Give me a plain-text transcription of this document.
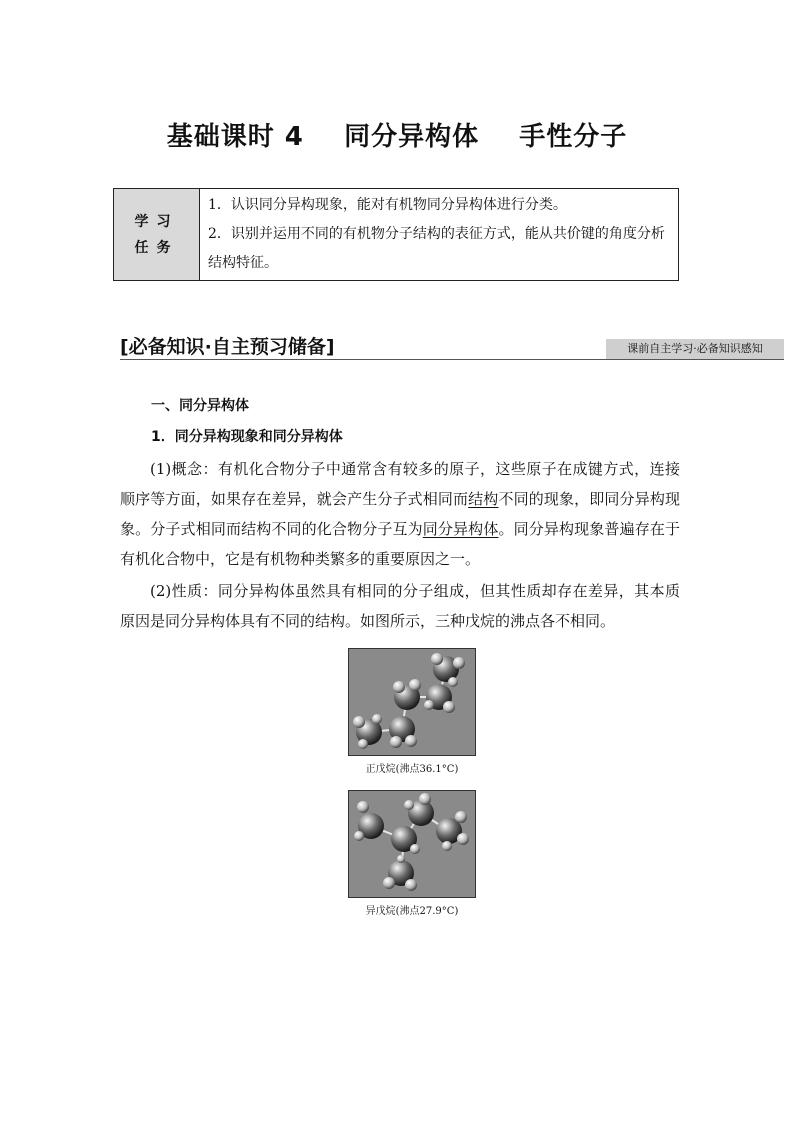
基础课时 4    同分异构体    手性分子
学习任务
1．认识同分异构现象，能对有机物同分异构体进行分类。
2．识别并运用不同的有机物分子结构的表征方式，能从共价键的角度分析结构特征。
[必备知识·自主预习储备]	课前自主学习·必备知识感知
一、同分异构体
1．同分异构现象和同分异构体

(1)概念：有机化合物分子中通常含有较多的原子，这些原子在成键方式，连接顺序等方面，如果存在差异，就会产生分子式相同而结构不同的现象，即同分异构现象。分子式相同而结构不同的化合物分子互为同分异构体。同分异构现象普遍存在于有机化合物中，它是有机物种类繁多的重要原因之一。

(2)性质：同分异构体虽然具有相同的分子组成，但其性质却存在差异，其本质原因是同分异构体具有不同的结构。如图所示，三种戊烷的沸点各不相同。

正戊烷(沸点36.1°C)
异戊烷(沸点27.9°C)
